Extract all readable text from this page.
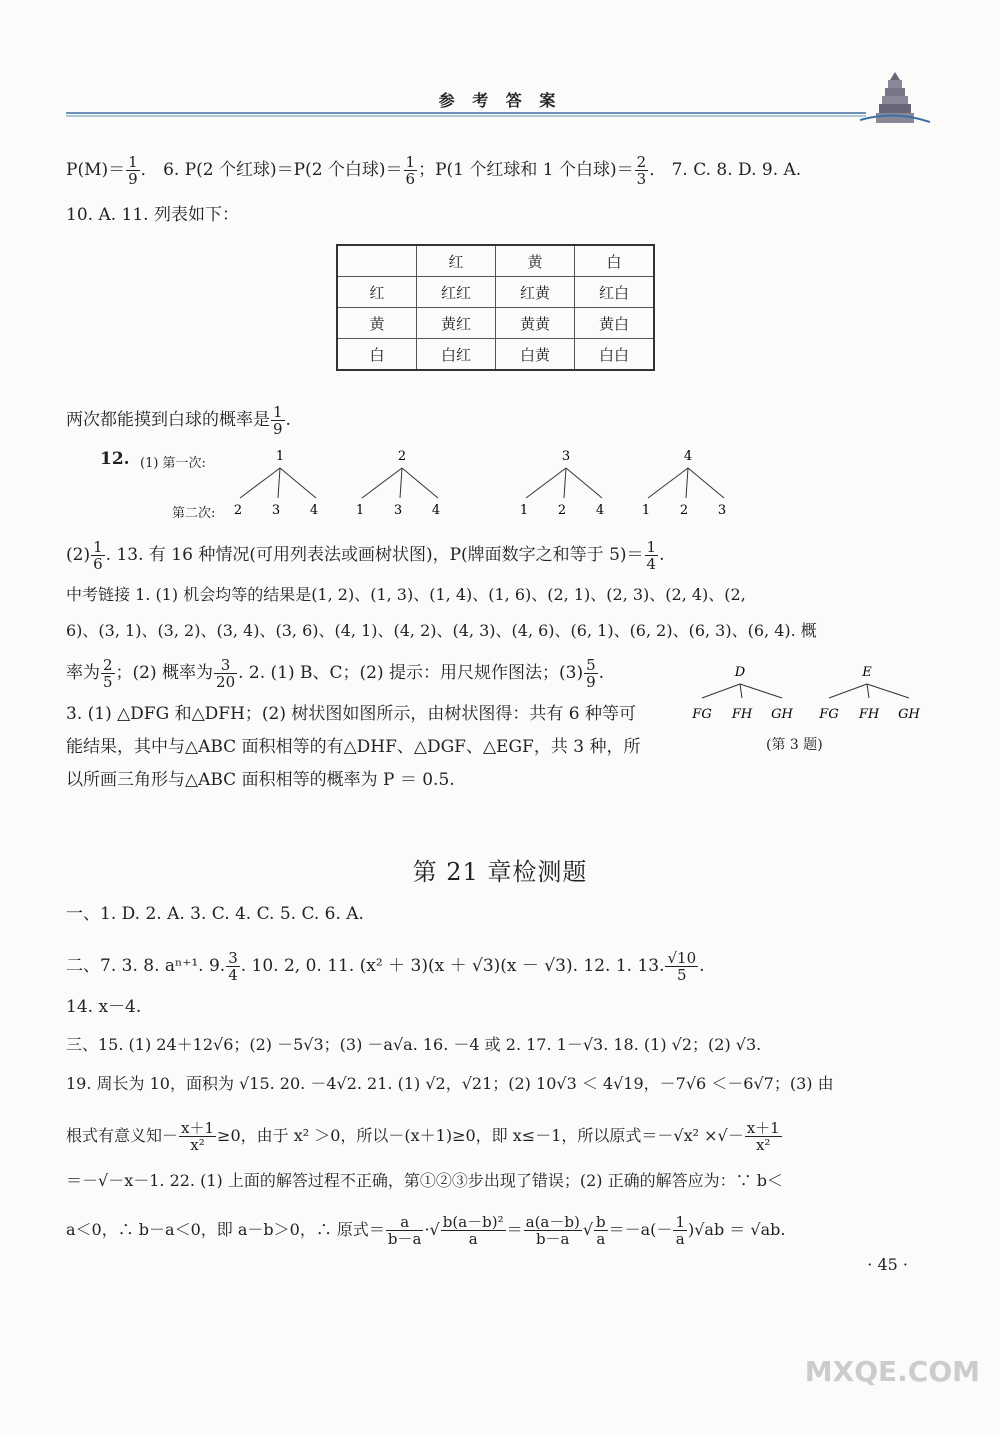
参 考 答 案
$P(M)= \frac{1}{9}$ ． 6. P(2 个红球)＝P(2 个白球)＝ $\frac{1}{6}$ ；P(1 个红球和 1 个白球)＝ $\frac{2}{3}$ ． 7. C. 8. D. 9. A.
10. A. 11. 列表如下：
	红	黄	白
红	红红	红黄	红白
黄	黄红	黄黄	黄白
白	白红	白黄	白白
两次都能摸到白球的概率是 $\frac{1}{9}$ .
12. (1) 第一次:
第二次:
1
2 3 4
2
1 3 4
3
1 2 4
4
1 2 3
$(2) \frac{1}{6}$ . 13. 有 16 种情况(可用列表法或画树状图)，P(牌面数字之和等于 $5)= \frac{1}{4}$ .
中考链接 1. (1) 机会均等的结果是(1, 2)、(1, 3)、(1, 4)、(1, 6)、(2, 1)、(2, 3)、(2, 4)、(2,
6)、(3, 1)、(3, 2)、(3, 4)、(3, 6)、(4, 1)、(4, 2)、(4, 3)、(4, 6)、(6, 1)、(6, 2)、(6, 3)、(6, 4). 概
率为 $\frac{2}{5}$ ；(2) 概率为 $\frac{3}{20}$ . 2. (1) B、C；(2) 提示：用尺规作图法；$(3) \frac{5}{9}$ .
3. (1) △DFG 和△DFH；(2) 树状图如图所示，由树状图得：共有 6 种等可
能结果，其中与△ABC 面积相等的有△DHF、△DGF、△EGF，共 3 种，所
以所画三角形与△ABC 面积相等的概率为 P ＝ 0.5.
D
FG FH GH
E
FG FH GH
(第 3 题)
第 21 章检测题
一、1. D. 2. A. 3. C. 4. C. 5. C. 6. A.
二、7. 3. 8. aⁿ⁺¹. 9. $\frac{3}{4}$ . 10. 2, 0. 11. (x² ＋ 3)(x ＋ √3)(x － √3). 12. 1. 13. $\frac{√10}{5}$ .
14. x－4.
三、15. (1) 24＋12√6；(2) －5√3；(3) －a√a. 16. －4 或 2. 17. 1－√3. 18. (1) √2；(2) √3.
19. 周长为 10，面积为 √15. 20. －4√2. 21. (1) √2，√21；(2) 10√3 ＜ 4√19，－7√6 ＜－6√7；(3) 由
根式有意义知－ $\frac{x+1}{\text{x²}} \ge 0$，由于 x² ＞0，所以－(x＋1)≥0，即 x≤－1，所以原式＝－√x² ×√－ $\frac{x+1}{\text{x²}}$
＝－√－x－1. 22. (1) 上面的解答过程不正确，第①②③步出现了错误；(2) 正确的解答应为：∵ b＜
a＜0，∴ b－a＜0，即 a－b＞0，∴ 原式＝ $\frac{a}{b-a}$ ·√ $\frac{\text{b(a－b)²}}{a} = \frac{a(a-b)}{b-a}$ √ $\frac{b}{a} =-a(- \frac{1}{a} )√ab = √ab$.
· 45 ·
MXQE.COM
